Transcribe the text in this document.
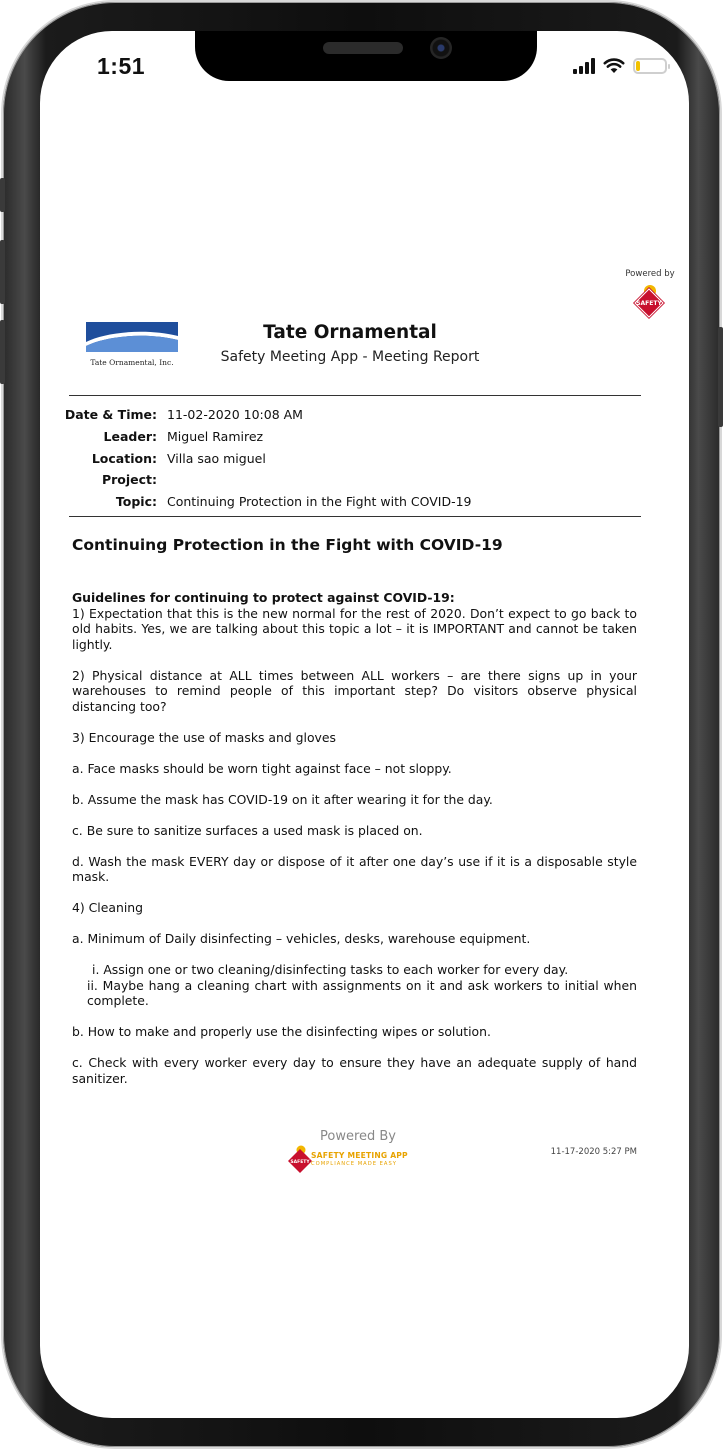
1:51
Powered by
SAFETY
Tate Ornamental, Inc.
Tate Ornamental
Safety Meeting App - Meeting Report
Date & Time: 11-02-2020 10:08 AM
Leader: Miguel Ramirez
Location: Villa sao miguel
Project:
Topic: Continuing Protection in the Fight with COVID-19
Continuing Protection in the Fight with COVID-19

Guidelines for continuing to protect against COVID-19:

1) Expectation that this is the new normal for the rest of 2020. Don’t expect to go back to old habits. Yes, we are talking about this topic a lot – it is IMPORTANT and cannot be taken lightly.

2) Physical distance at ALL times between ALL workers – are there signs up in your warehouses to remind people of this important step? Do visitors observe physical distancing too?

3) Encourage the use of masks and gloves

a. Face masks should be worn tight against face – not sloppy.

b. Assume the mask has COVID-19 on it after wearing it for the day.

c. Be sure to sanitize surfaces a used mask is placed on.

d. Wash the mask EVERY day or dispose of it after one day’s use if it is a disposable style mask.

4) Cleaning

a. Minimum of Daily disinfecting – vehicles, desks, warehouse equipment.

i. Assign one or two cleaning/disinfecting tasks to each worker for every day.

ii. Maybe hang a cleaning chart with assignments on it and ask workers to initial when complete.

b. How to make and properly use the disinfecting wipes or solution.

c. Check with every worker every day to ensure they have an adequate supply of hand sanitizer.

Powered By
SAFETY
SAFETY MEETING APP
COMPLIANCE MADE EASY
11-17-2020 5:27 PM
